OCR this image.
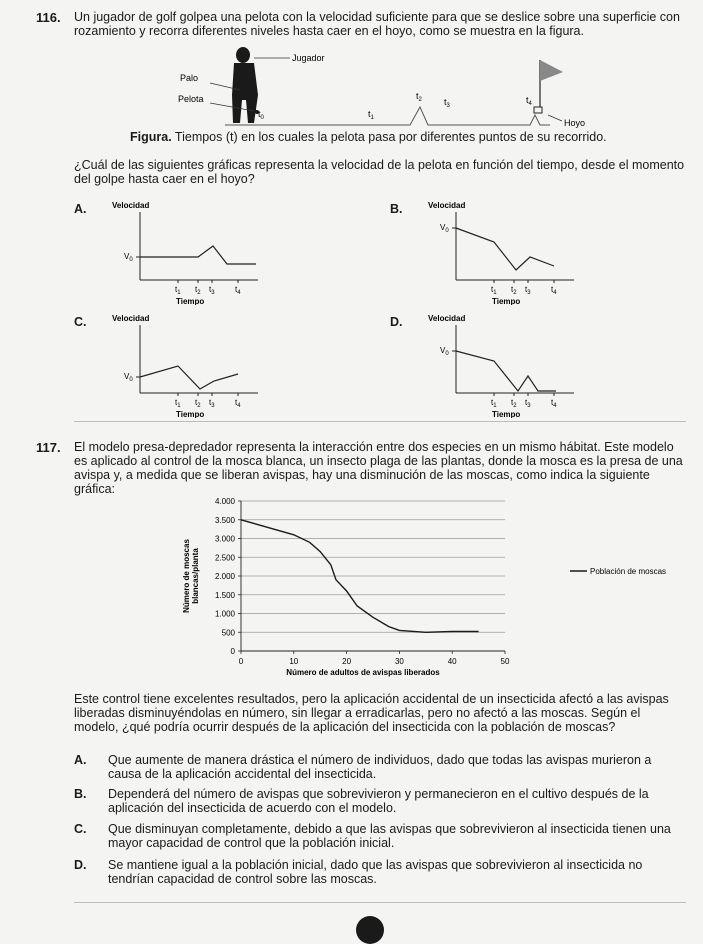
116. Un jugador de golf golpea una pelota con la velocidad suficiente para que se deslice sobre una superficie con rozamiento y recorra diferentes niveles hasta caer en el hoyo, como se muestra en la figura.
Jugador
Palo
Pelota
Hoyo
$t_0$	$t_1$
$t_2$ $t_3$
$t_4$
Figura. Tiempos (t) en los cuales la pelota pasa por diferentes puntos de su recorrido.
¿Cuál de las siguientes gráficas representa la velocidad de la pelota en función del tiempo, desde el momento del golpe hasta caer en el hoyo?
A.	Velocidad
$V_0$
$t_1$ $t_2$ $t_3$	$t_4$
Tiempo
B.	Velocidad
$V_0$
$t_1$ $t_2$ $t_3$	$t_4$
Tiempo
C.	Velocidad
$V_0$
$t_1$ $t_2$ $t_3$	$t_4$
Tiempo
D.	Velocidad
$V_0$
$t_1$ $t_2$ $t_3$	$t_4$
Tiempo
117. El modelo presa-depredador representa la interacción entre dos especies en un mismo hábitat. Este modelo es aplicado al control de la mosca blanca, un insecto plaga de las plantas, donde la mosca es la presa de una avispa y, a medida que se liberan avispas, hay una disminución de las moscas, como indica la siguiente gráfica:
0
500
1.000
1.500
2.000
2.500
3.000
3.500
4.000
0	10	20	30	40	50
Número de adultos de avispas liberados
Número de moscasblancas/planta	Población de moscas
Este control tiene excelentes resultados, pero la aplicación accidental de un insecticida afectó a las avispas liberadas disminuyéndolas en número, sin llegar a erradicarlas, pero no afectó a las moscas. Según el modelo, ¿qué podría ocurrir después de la aplicación del insecticida con la población de moscas?
A. Que aumente de manera drástica el número de individuos, dado que todas las avispas murieron a causa de la aplicación accidental del insecticida.
B. Dependerá del número de avispas que sobrevivieron y permanecieron en el cultivo después de la aplicación del insecticida de acuerdo con el modelo.
C. Que disminuyan completamente, debido a que las avispas que sobrevivieron al insecticida tienen una mayor capacidad de control que la población inicial.
D. Se mantiene igual a la población inicial, dado que las avispas que sobrevivieron al insecticida no tendrían capacidad de control sobre las moscas.
